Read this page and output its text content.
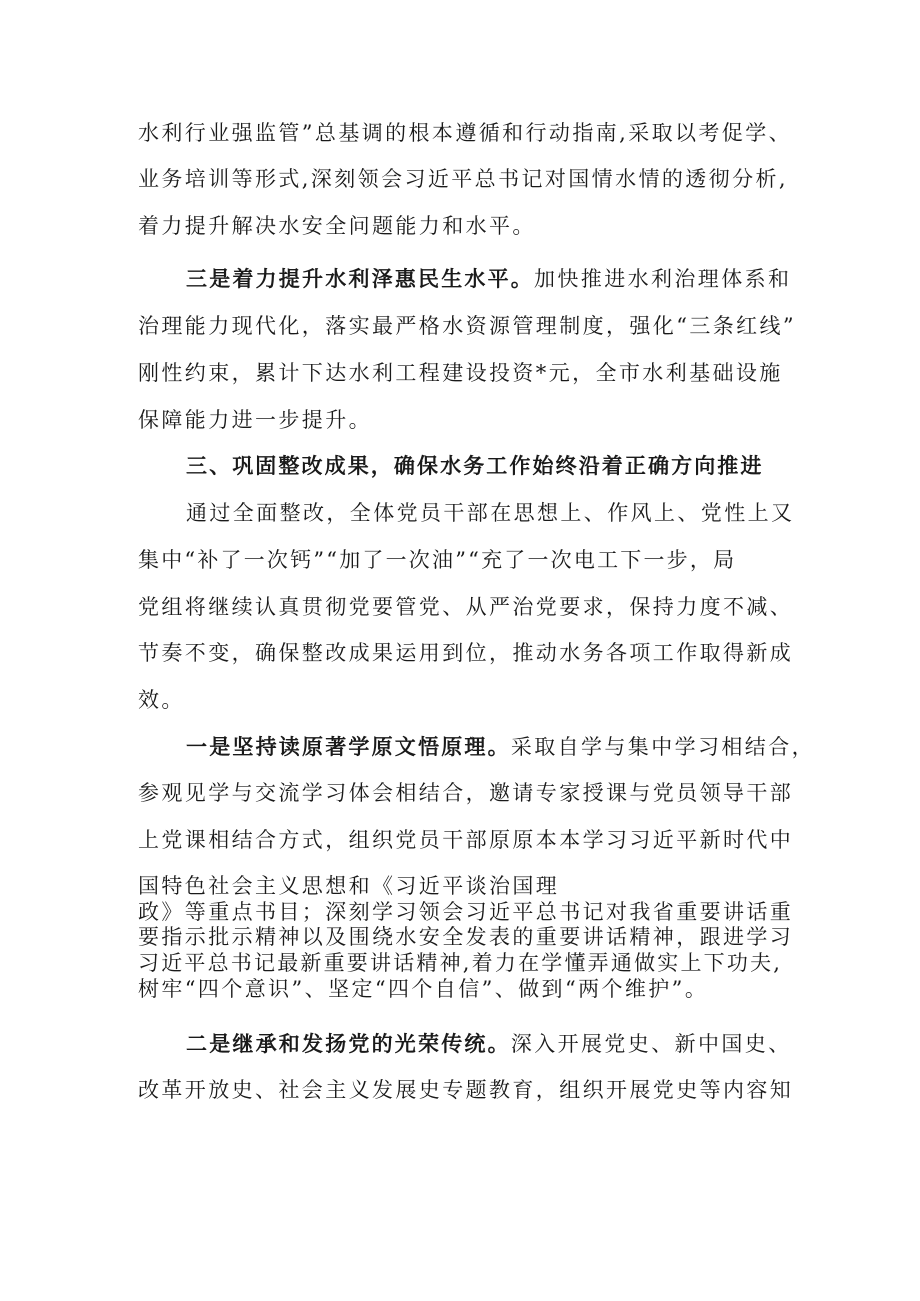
水利行业强监管”总基调的根本遵循和行动指南,采取以考促学、
业务培训等形式,深刻领会习近平总书记对国情水情的透彻分析,
着力提升解决水安全问题能力和水平。
三是着力提升水利泽惠民生水平。加快推进水利治理体系和
治理能力现代化，落实最严格水资源管理制度，强化“三条红线”
刚性约束，累计下达水利工程建设投资*元，全市水利基础设施
保障能力进一步提升。
三、巩固整改成果，确保水务工作始终沿着正确方向推进
通过全面整改，全体党员干部在思想上、作风上、党性上又
集中“补了一次钙”“加了一次油”“充了一次电工下一步，局
党组将继续认真贯彻党要管党、从严治党要求，保持力度不减、
节奏不变，确保整改成果运用到位，推动水务各项工作取得新成
效。
一是坚持读原著学原文悟原理。采取自学与集中学习相结合，
参观见学与交流学习体会相结合，邀请专家授课与党员领导干部
上党课相结合方式，组织党员干部原原本本学习习近平新时代中
国特色社会主义思想和《习近平谈治国理
政》等重点书目；深刻学习领会习近平总书记对我省重要讲话重
要指示批示精神以及围绕水安全发表的重要讲话精神，跟进学习
习近平总书记最新重要讲话精神,着力在学懂弄通做实上下功夫,
树牢“四个意识”、坚定“四个自信”、做到“两个维护”。
二是继承和发扬党的光荣传统。深入开展党史、新中国史、
改革开放史、社会主义发展史专题教育，组织开展党史等内容知
